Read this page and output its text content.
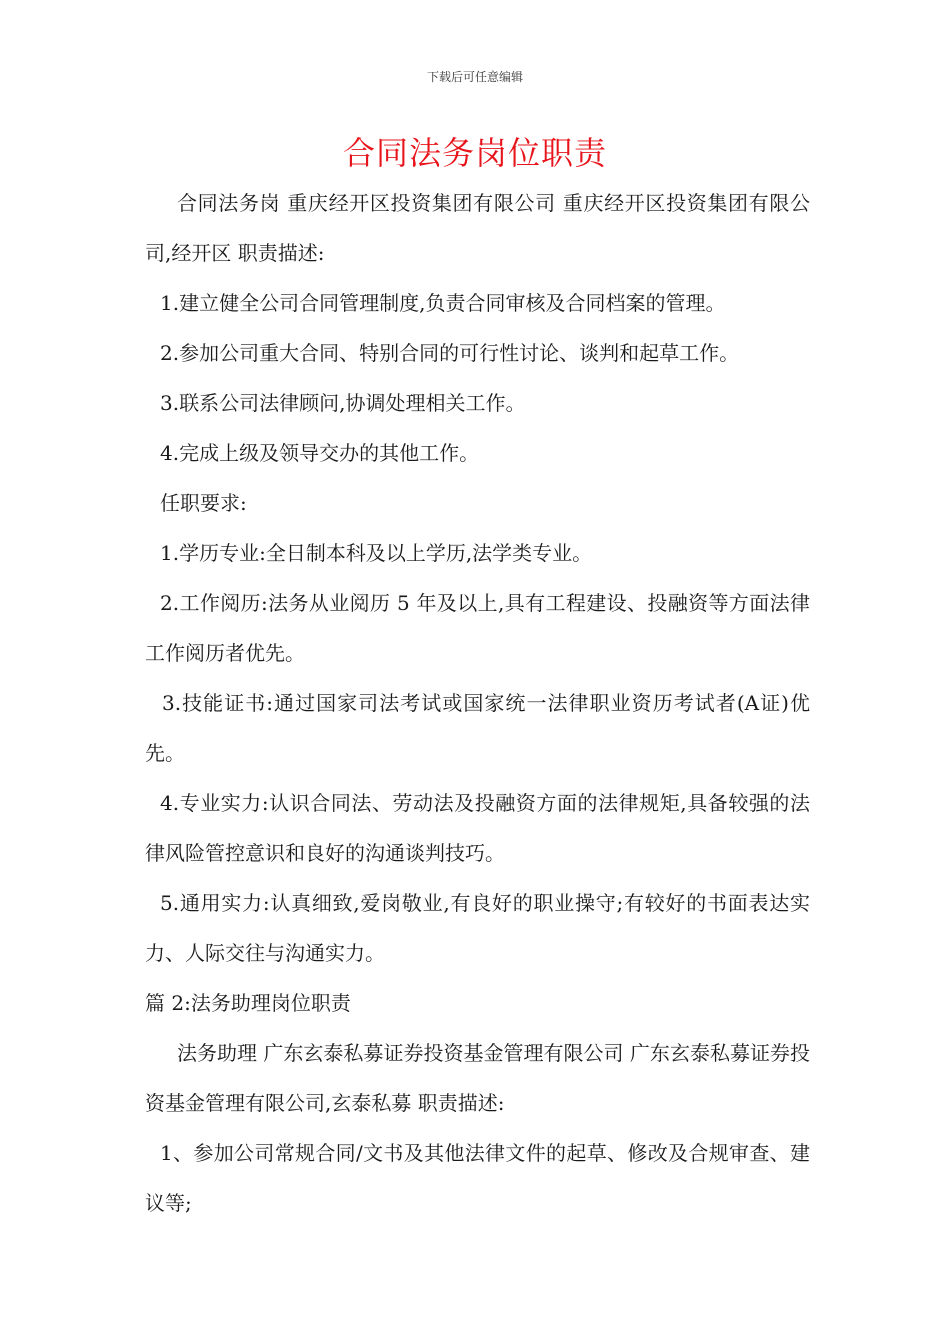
下载后可任意编辑
合同法务岗位职责

合同法务岗 重庆经开区投资集团有限公司 重庆经开区投资集团有限公司,经开区 职责描述:

1.建立健全公司合同管理制度,负责合同审核及合同档案的管理。

2.参加公司重大合同、特别合同的可行性讨论、谈判和起草工作。

3.联系公司法律顾问,协调处理相关工作。

4.完成上级及领导交办的其他工作。

任职要求:

1.学历专业:全日制本科及以上学历,法学类专业。

2.工作阅历:法务从业阅历 5 年及以上,具有工程建设、投融资等方面法律工作阅历者优先。

3.技能证书:通过国家司法考试或国家统一法律职业资历考试者(A证)优先。

4.专业实力:认识合同法、劳动法及投融资方面的法律规矩,具备较强的法律风险管控意识和良好的沟通谈判技巧。

5.通用实力:认真细致,爱岗敬业,有良好的职业操守;有较好的书面表达实力、人际交往与沟通实力。

篇 2:法务助理岗位职责

法务助理 广东玄泰私募证券投资基金管理有限公司 广东玄泰私募证券投资基金管理有限公司,玄泰私募 职责描述:

1、参加公司常规合同/文书及其他法律文件的起草、修改及合规审查、建议等;
